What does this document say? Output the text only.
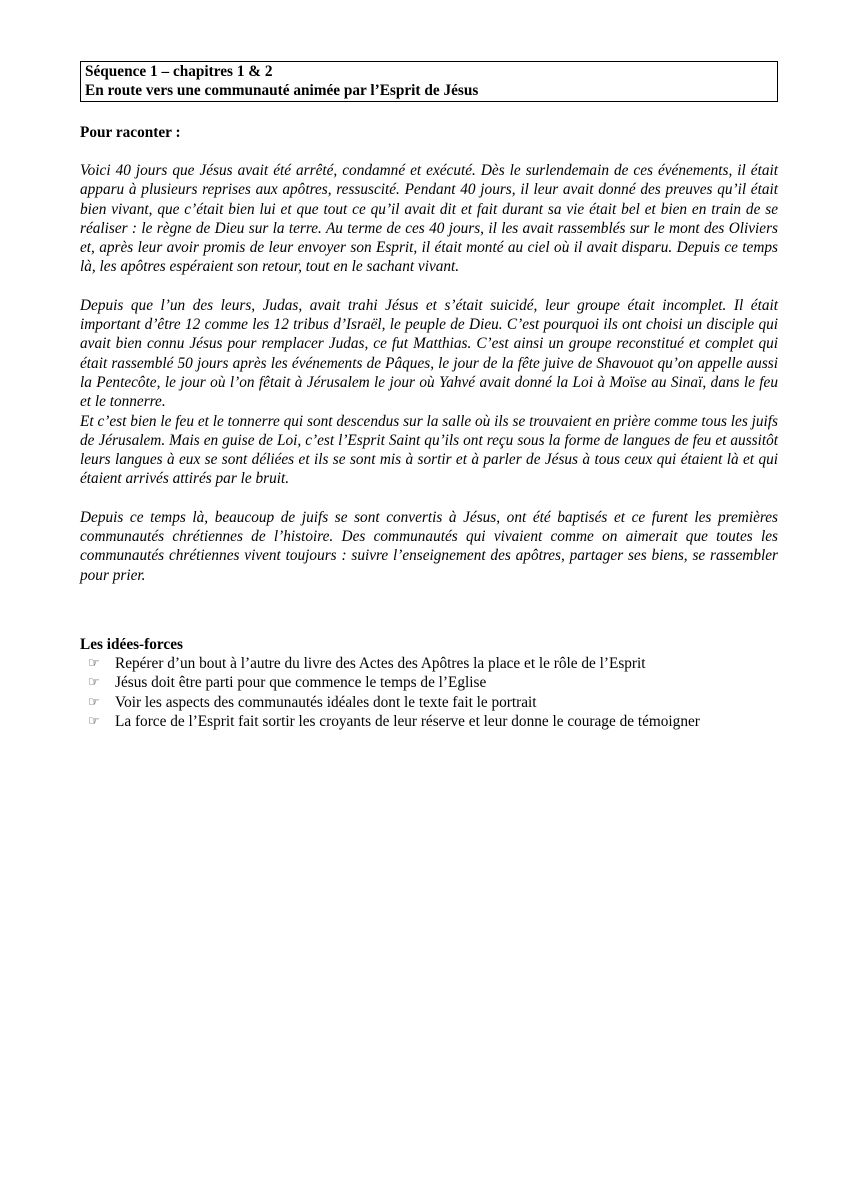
Séquence 1 – chapitres 1 & 2
En route vers une communauté animée par l’Esprit de Jésus
Pour raconter :

Voici 40 jours que Jésus avait été arrêté, condamné et exécuté. Dès le surlendemain de ces événements, il était apparu à plusieurs reprises aux apôtres, ressuscité. Pendant 40 jours, il leur avait donné des preuves qu’il était bien vivant, que c’était bien lui et que tout ce qu’il avait dit et fait durant sa vie était bel et bien en train de se réaliser : le règne de Dieu sur la terre. Au terme de ces 40 jours, il les avait rassemblés sur le mont des Oliviers et, après leur avoir promis de leur envoyer son Esprit, il était monté au ciel où il avait disparu. Depuis ce temps là, les apôtres espéraient son retour, tout en le sachant vivant.

Depuis que l’un des leurs, Judas, avait trahi Jésus et s’était suicidé, leur groupe était incomplet. Il était important d’être 12 comme les 12 tribus d’Israël, le peuple de Dieu. C’est pourquoi ils ont choisi un disciple qui avait bien connu Jésus pour remplacer Judas, ce fut Matthias. C’est ainsi un groupe reconstitué et complet qui était rassemblé 50 jours après les événements de Pâques, le jour de la fête juive de Shavouot qu’on appelle aussi la Pentecôte, le jour où l’on fêtait à Jérusalem le jour où Yahvé avait donné la Loi à Moïse au Sinaï, dans le feu et le tonnerre.

Et c’est bien le feu et le tonnerre qui sont descendus sur la salle où ils se trouvaient en prière comme tous les juifs de Jérusalem. Mais en guise de Loi, c’est l’Esprit Saint qu’ils ont reçu sous la forme de langues de feu et aussitôt leurs langues à eux se sont déliées et ils se sont mis à sortir et à parler de Jésus à tous ceux qui étaient là et qui étaient arrivés attirés par le bruit.

Depuis ce temps là, beaucoup de juifs se sont convertis à Jésus, ont été baptisés et ce furent les premières communautés chrétiennes de l’histoire. Des communautés qui vivaient comme on aimerait que toutes les communautés chrétiennes vivent toujours : suivre l’enseignement des apôtres, partager ses biens, se rassembler pour prier.

Les idées-forces
☞	Repérer d’un bout à l’autre du livre des Actes des Apôtres la place et le rôle de l’Esprit
☞	Jésus doit être parti pour que commence le temps de l’Eglise
☞	Voir les aspects des communautés idéales dont le texte fait le portrait
☞	La force de l’Esprit fait sortir les croyants de leur réserve et leur donne le courage de témoigner
